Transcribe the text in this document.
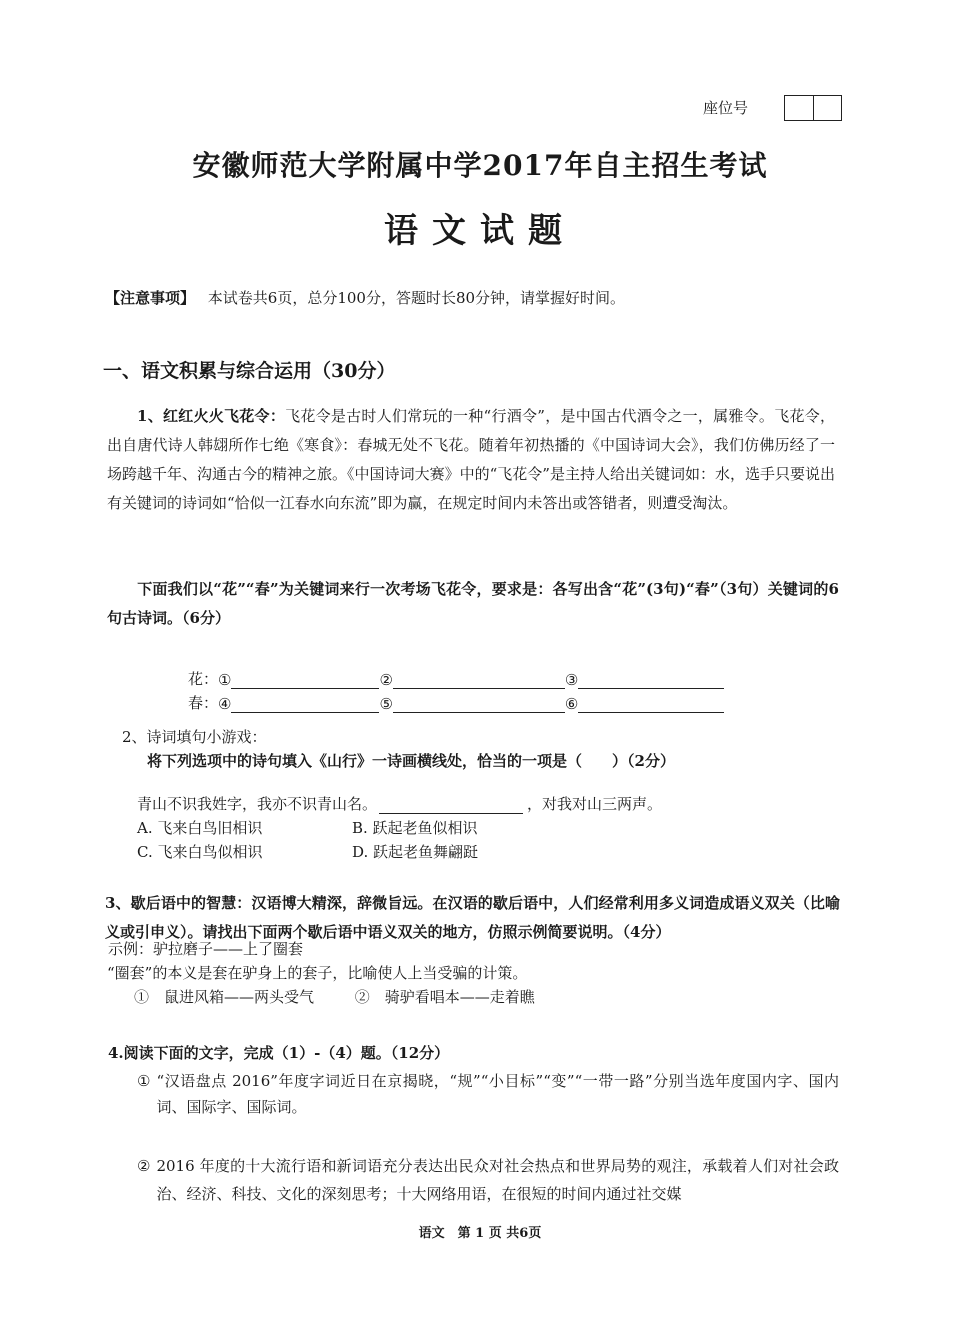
座位号
安徽师范大学附属中学2017年自主招生考试
语文试题
【注意事项】 本试卷共6页，总分100分，答题时长80分钟，请掌握好时间。
一、语文积累与综合运用（30分）
1、红红火火飞花令：飞花令是古时人们常玩的一种“行酒令”，是中国古代酒令之一，属雅令。飞花令，出自唐代诗人韩翃所作七绝《寒食》：春城无处不飞花。随着年初热播的《中国诗词大会》，我们仿佛历经了一场跨越千年、沟通古今的精神之旅。《中国诗词大赛》中的“飞花令”是主持人给出关键词如：水，选手只要说出有关键词的诗词如“恰似一江春水向东流”即为赢，在规定时间内未答出或答错者，则遭受淘汰。
下面我们以“花”“春”为关键词来行一次考场飞花令，要求是：各写出含“花”(3句)“春”（3句）关键词的6句古诗词。（6分）
花： ①	②	③
春： ④	⑤	⑥
2、诗词填句小游戏：
将下列选项中的诗句填入《山行》一诗画横线处，恰当的一项是（　　）（2分）
青山不识我姓字，我亦不识青山名。	，对我对山三两声。
A. 飞来白鸟旧相识	B. 跃起老鱼似相识
C. 飞来白鸟似相识	D. 跃起老鱼舞翩跹
3、歇后语中的智慧：汉语博大精深，辞微旨远。在汉语的歇后语中，人们经常利用多义词造成语义双关（比喻义或引申义）。请找出下面两个歇后语中语义双关的地方，仿照示例简要说明。（4分）
示例：驴拉磨子——上了圈套
“圈套”的本义是套在驴身上的套子，比喻使人上当受骗的计策。
①　鼠进风箱——两头受气	②　骑驴看唱本——走着瞧
4.阅读下面的文字，完成（1）-（4）题。（12分）
① “汉语盘点 2016”年度字词近日在京揭晓，“规”“小目标”“变”“一带一路”分别当选年度国内字、国内词、国际字、国际词。
② 2016 年度的十大流行语和新词语充分表达出民众对社会热点和世界局势的观注，承载着人们对社会政治、经济、科技、文化的深刻思考；十大网络用语，在很短的时间内通过社交媒
语文　第 1 页 共6页
